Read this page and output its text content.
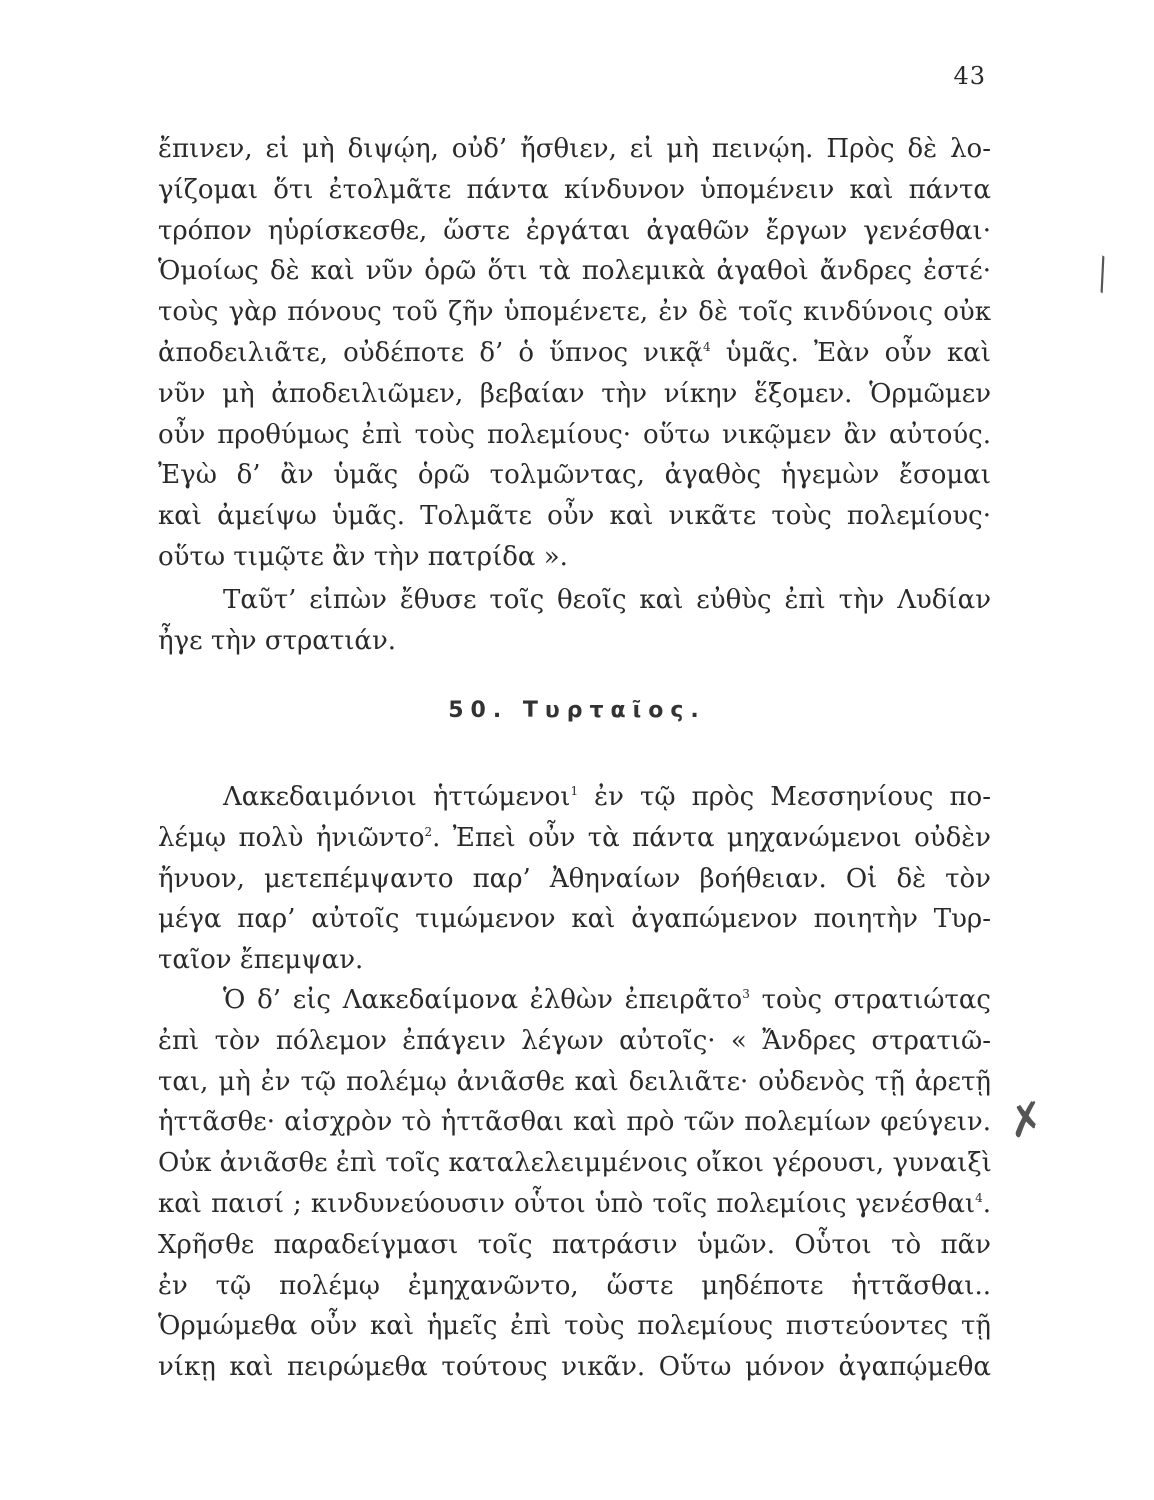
43
ἔπινεν, εἰ μὴ διψῴη, οὐδ’ ἤσθιεν, εἰ μὴ πεινῴη. Πρὸς δὲ λο-
γίζομαι ὅτι ἐτολμᾶτε πάντα κίνδυνον ὑπομένειν καὶ πάντα
τρόπον ηὑρίσκεσθε, ὥστε ἐργάται ἀγαθῶν ἔργων γενέσθαι·
Ὁμοίως δὲ καὶ νῦν ὁρῶ ὅτι τὰ πολεμικὰ ἀγαθοὶ ἄνδρες ἐστέ·
τοὺς γὰρ πόνους τοῦ ζῆν ὑπομένετε, ἐν δὲ τοῖς κινδύνοις οὐκ
ἀποδειλιᾶτε, οὐδέποτε δ’ ὁ ὕπνος νικᾷ$^4$ ὑμᾶς. Ἐὰν οὖν καὶ
νῦν μὴ ἀποδειλιῶμεν, βεβαίαν τὴν νίκην ἕξομεν. Ὁρμῶμεν
οὖν προθύμως ἐπὶ τοὺς πολεμίους· οὕτω νικῷμεν ἂν αὐτούς.
Ἐγὼ δ’ ἂν ὑμᾶς ὁρῶ τολμῶντας, ἀγαθὸς ἡγεμὼν ἔσομαι
καὶ ἀμείψω ὑμᾶς. Τολμᾶτε οὖν καὶ νικᾶτε τοὺς πολεμίους·
οὕτω τιμῷτε ἂν τὴν πατρίδα ».
Ταῦτ’ εἰπὼν ἔθυσε τοῖς θεοῖς καὶ εὐθὺς ἐπὶ τὴν Λυδίαν
ἦγε τὴν στρατιάν.
50. Τυρταῖος.
Λακεδαιμόνιοι ἡττώμενοι$^1$ ἐν τῷ πρὸς Μεσσηνίους πο-
λέμῳ πολὺ ἠνιῶντο$^2$. Ἐπεὶ οὖν τὰ πάντα μηχανώμενοι οὐδὲν
ἤνυον, μετεπέμψαντο παρ’ Ἀθηναίων βοήθειαν. Οἱ δὲ τὸν
μέγα παρ’ αὐτοῖς τιμώμενον καὶ ἀγαπώμενον ποιητὴν Τυρ-
ταῖον ἔπεμψαν.
Ὁ δ’ εἰς Λακεδαίμονα ἐλθὼν ἐπειρᾶτο$^3$ τοὺς στρατιώτας
ἐπὶ τὸν πόλεμον ἐπάγειν λέγων αὐτοῖς· « Ἄνδρες στρατιῶ-
ται, μὴ ἐν τῷ πολέμῳ ἀνιᾶσθε καὶ δειλιᾶτε· οὐδενὸς τῇ ἀρετῇ
ἡττᾶσθε· αἰσχρὸν τὸ ἡττᾶσθαι καὶ πρὸ τῶν πολεμίων φεύγειν.
Οὐκ ἀνιᾶσθε ἐπὶ τοῖς καταλελειμμένοις οἴκοι γέρουσι, γυναιξὶ
καὶ παισί ; κινδυνεύουσιν οὗτοι ὑπὸ τοῖς πολεμίοις γενέσθαι$^4$.
Χρῆσθε παραδείγμασι τοῖς πατράσιν ὑμῶν. Οὗτοι τὸ πᾶν
ἐν τῷ πολέμῳ ἐμηχανῶντο, ὥστε μηδέποτε ἡττᾶσθαι..
Ὁρμώμεθα οὖν καὶ ἡμεῖς ἐπὶ τοὺς πολεμίους πιστεύοντες τῇ
νίκῃ καὶ πειρώμεθα τούτους νικᾶν. Οὕτω μόνον ἀγαπῴμεθα
✗
╲
